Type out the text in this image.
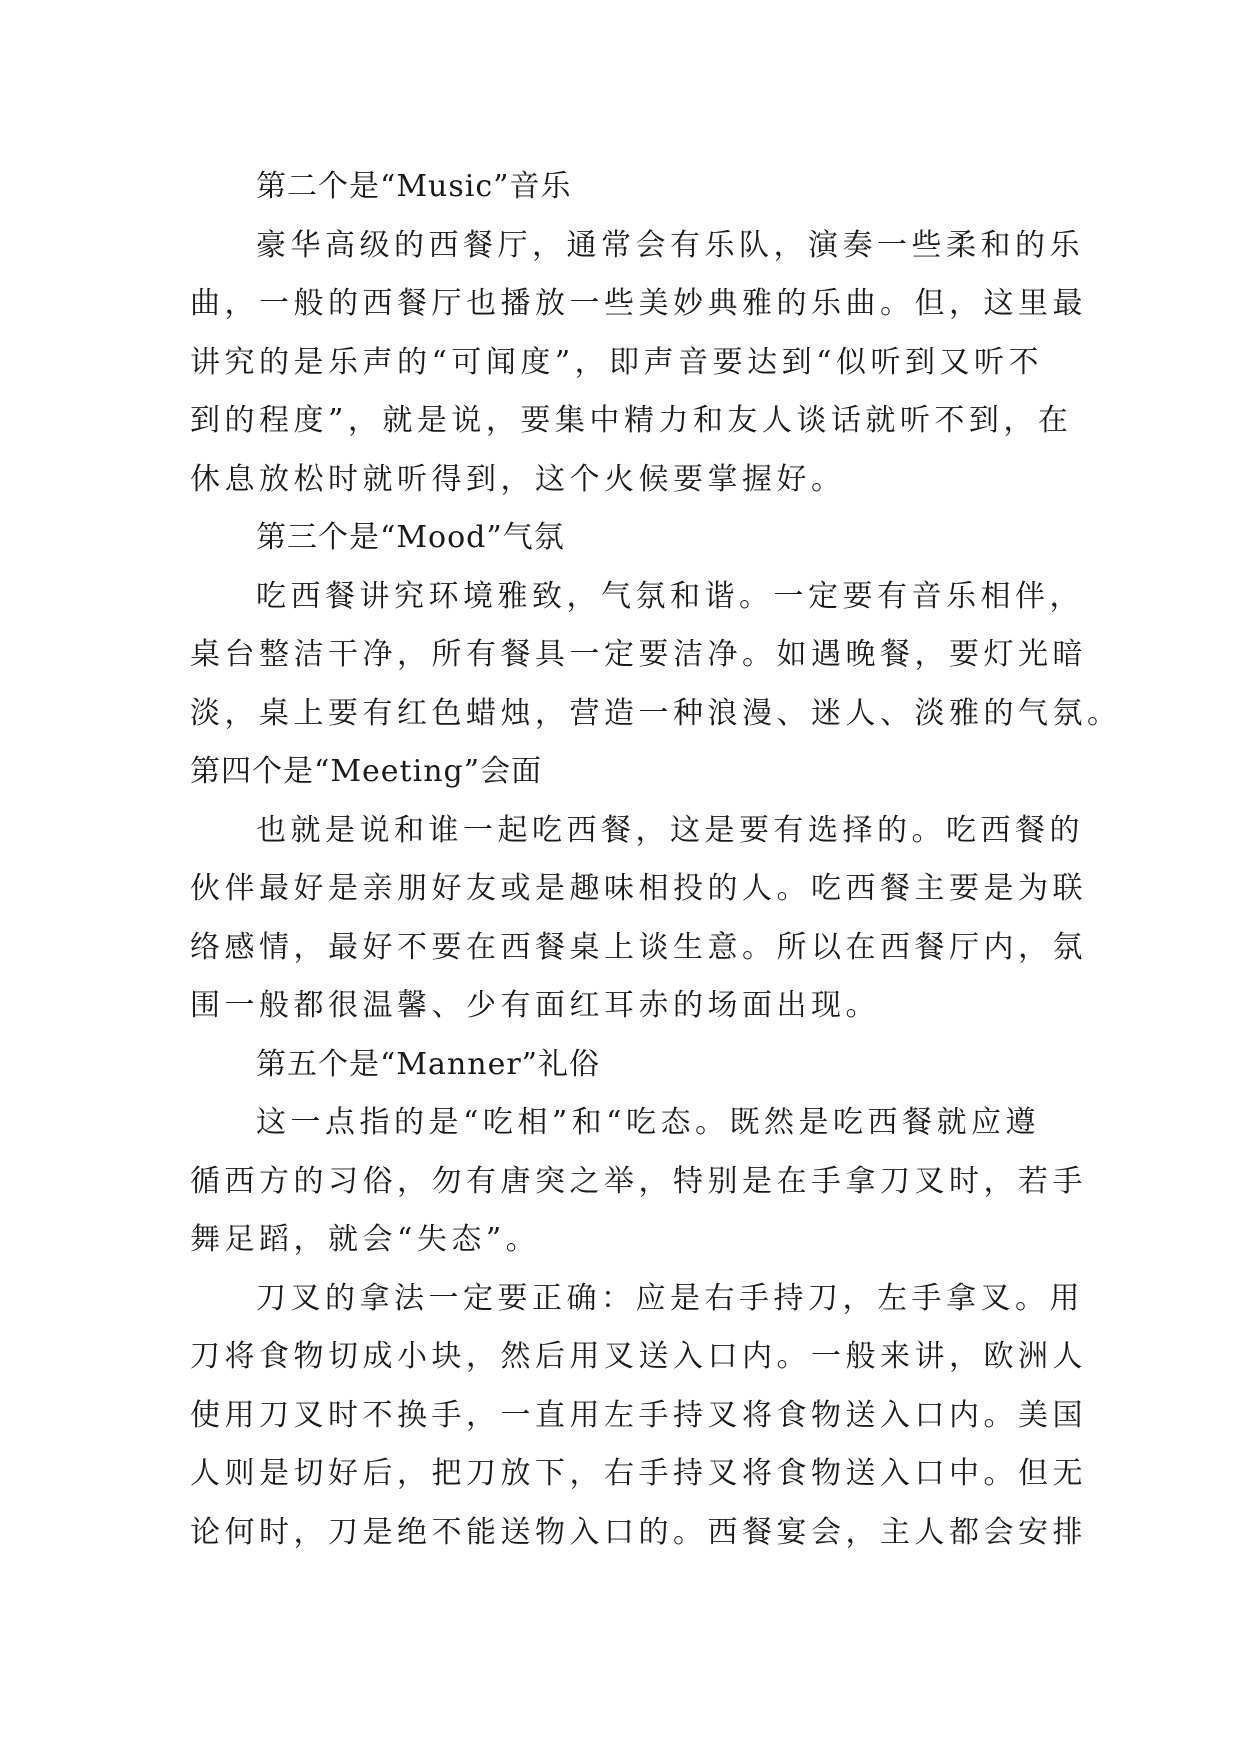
第二个是“Music”音乐
豪华高级的西餐厅，通常会有乐队，演奏一些柔和的乐
曲，一般的西餐厅也播放一些美妙典雅的乐曲。但，这里最
讲究的是乐声的“可闻度”，即声音要达到“似听到又听不
到的程度”，就是说，要集中精力和友人谈话就听不到，在
休息放松时就听得到，这个火候要掌握好。
第三个是“Mood”气氛
吃西餐讲究环境雅致，气氛和谐。一定要有音乐相伴，
桌台整洁干净，所有餐具一定要洁净。如遇晚餐，要灯光暗
淡，桌上要有红色蜡烛，营造一种浪漫、迷人、淡雅的气氛。
第四个是“Meeting”会面
也就是说和谁一起吃西餐，这是要有选择的。吃西餐的
伙伴最好是亲朋好友或是趣味相投的人。吃西餐主要是为联
络感情，最好不要在西餐桌上谈生意。所以在西餐厅内，氛
围一般都很温馨、少有面红耳赤的场面出现。
第五个是“Manner”礼俗
这一点指的是“吃相”和“吃态。既然是吃西餐就应遵
循西方的习俗，勿有唐突之举，特别是在手拿刀叉时，若手
舞足蹈，就会“失态”。
刀叉的拿法一定要正确：应是右手持刀，左手拿叉。用
刀将食物切成小块，然后用叉送入口内。一般来讲，欧洲人
使用刀叉时不换手，一直用左手持叉将食物送入口内。美国
人则是切好后，把刀放下，右手持叉将食物送入口中。但无
论何时，刀是绝不能送物入口的。西餐宴会，主人都会安排
